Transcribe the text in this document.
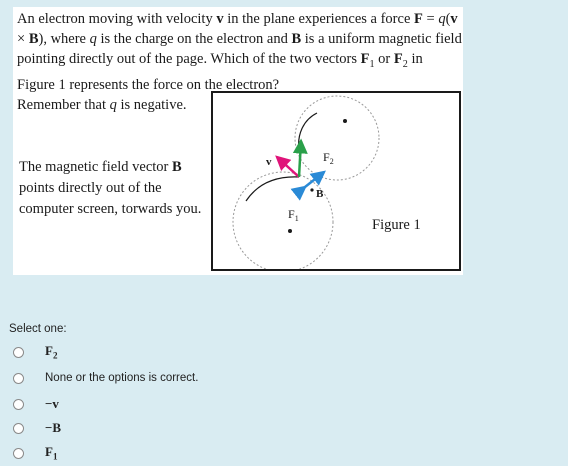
An electron moving with velocity v in the plane experiences a force F = q(v × B), where q is the charge on the electron and B is a uniform magnetic field pointing directly out of the page. Which of the two vectors $F_1$ or $F_2$ in Figure 1 represents the force on the electron?

Remember that q is negative.

The magnetic field vector B points directly out of the computer screen, torwards you.
v	$F_2$
$F_1$
B
Figure 1
Select one:
$F_2$
None or the options is correct.
−v
−B
$F_1$
